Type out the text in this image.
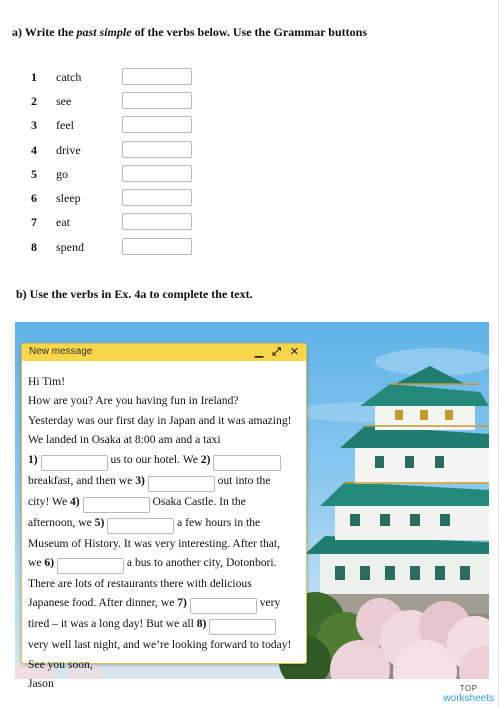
a) Write the past simple of the verbs below. Use the Grammar buttons
1 catch
2 see
3 feel
4 drive
5 go
6 sleep
7 eat
8 spend
b) Use the verbs in Ex. 4a to complete the text.
New message	▁ ⤢ ✕
Hi Tim!
How are you? Are you having fun in Ireland?
Yesterday was our first day in Japan and it was amazing!
We landed in Osaka at 8:00 am and a taxi
1)	us to our hotel. We 2)
breakfast, and then we 3)	out into the
city! We 4)	Osaka Castle. In the
afternoon, we 5)	a few hours in the
Museum of History. It was very interesting. After that,
we 6)	a bus to another city, Dotonbori.
There are lots of restaurants there with delicious
Japanese food. After dinner, we 7)	very
tired – it was a long day! But we all 8)
very well last night, and we’re looking forward to today!
See you soon,
Jason	TOP
worksheets
